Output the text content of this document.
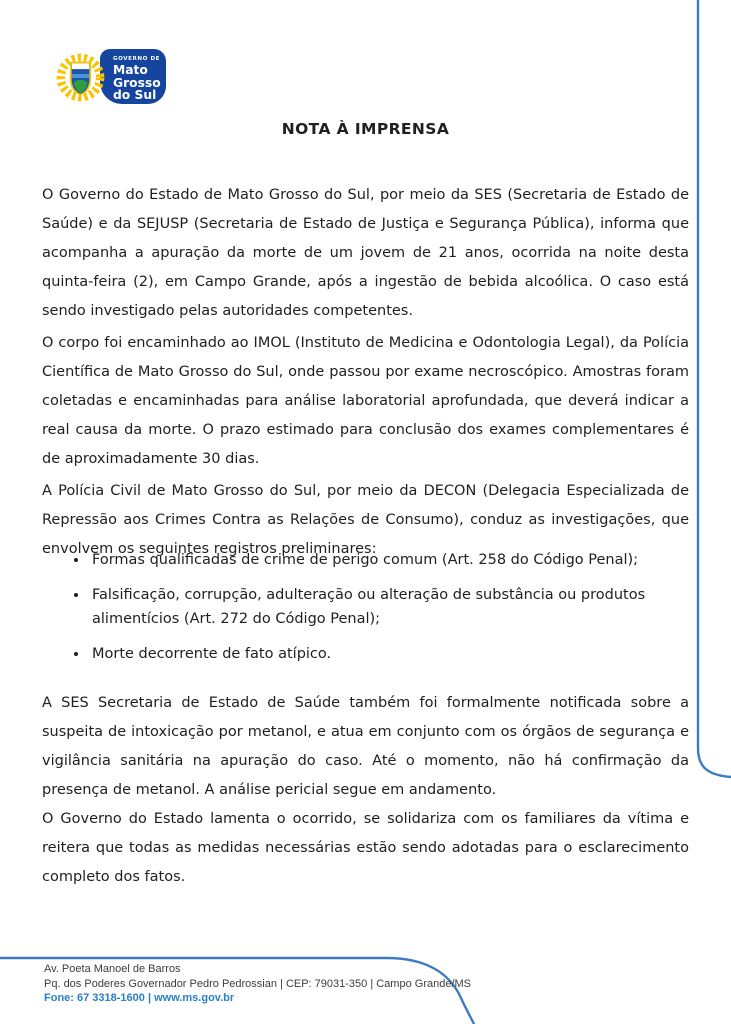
GOVERNO DE
Mato
Grosso
do Sul
NOTA À IMPRENSA

O Governo do Estado de Mato Grosso do Sul, por meio da SES (Secretaria de Estado de Saúde) e da SEJUSP (Secretaria de Estado de Justiça e Segurança Pública), informa que acompanha a apuração da morte de um jovem de 21 anos, ocorrida na noite desta quinta-feira (2), em Campo Grande, após a ingestão de bebida alcoólica. O caso está sendo investigado pelas autoridades competentes.

O corpo foi encaminhado ao IMOL (Instituto de Medicina e Odontologia Legal), da Polícia Científica de Mato Grosso do Sul, onde passou por exame necroscópico. Amostras foram coletadas e encaminhadas para análise laboratorial aprofundada, que deverá indicar a real causa da morte. O prazo estimado para conclusão dos exames complementares é de aproximadamente 30 dias.

A Polícia Civil de Mato Grosso do Sul, por meio da DECON (Delegacia Especializada de Repressão aos Crimes Contra as Relações de Consumo), conduz as investigações, que envolvem os seguintes registros preliminares:

• Formas qualificadas de crime de perigo comum (Art. 258 do Código Penal);
• Falsificação, corrupção, adulteração ou alteração de substância ou produtos alimentícios (Art. 272 do Código Penal);
• Morte decorrente de fato atípico.

A SES Secretaria de Estado de Saúde também foi formalmente notificada sobre a suspeita de intoxicação por metanol, e atua em conjunto com os órgãos de segurança e vigilância sanitária na apuração do caso. Até o momento, não há confirmação da presença de metanol. A análise pericial segue em andamento.

O Governo do Estado lamenta o ocorrido, se solidariza com os familiares da vítima e reitera que todas as medidas necessárias estão sendo adotadas para o esclarecimento completo dos fatos.

Av. Poeta Manoel de Barros
Pq. dos Poderes Governador Pedro Pedrossian | CEP: 79031-350 | Campo Grande/MS
Fone: 67 3318-1600 | www.ms.gov.br
